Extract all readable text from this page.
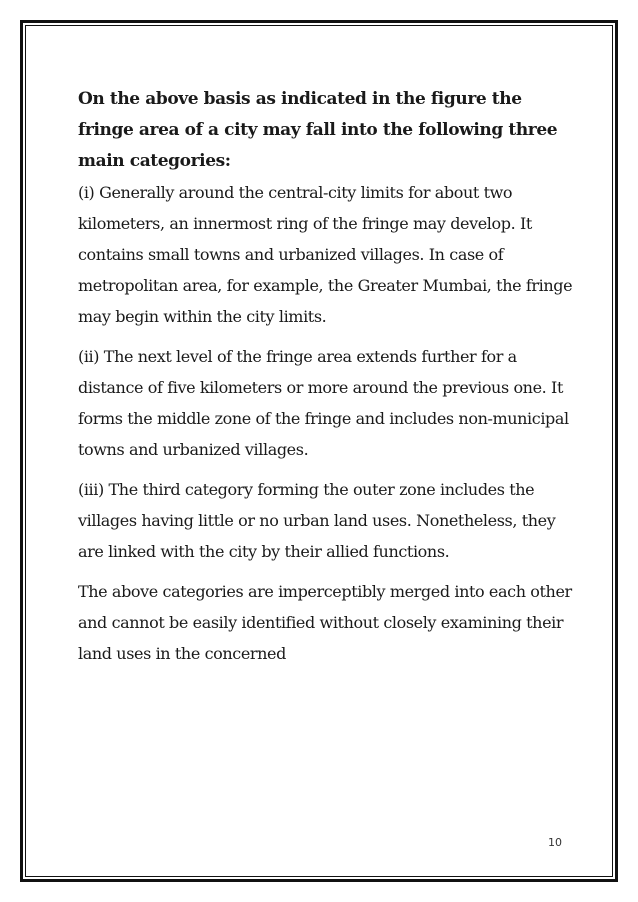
On the above basis as indicated in the figure the fringe area of a city may fall into the following three main categories:

(i) Generally around the central-city limits for about two kilometers, an innermost ring of the fringe may develop. It contains small towns and urbanized villages. In case of metropolitan area, for example, the Greater Mumbai, the fringe may begin within the city limits.

(ii) The next level of the fringe area extends further for a distance of five kilometers or more around the previous one. It forms the middle zone of the fringe and includes non-municipal towns and urbanized villages.

(iii) The third category forming the outer zone includes the villages having little or no urban land uses. Nonetheless, they are linked with the city by their allied functions.

The above categories are imperceptibly merged into each other and cannot be easily identified without closely examining their land uses in the concerned

10
